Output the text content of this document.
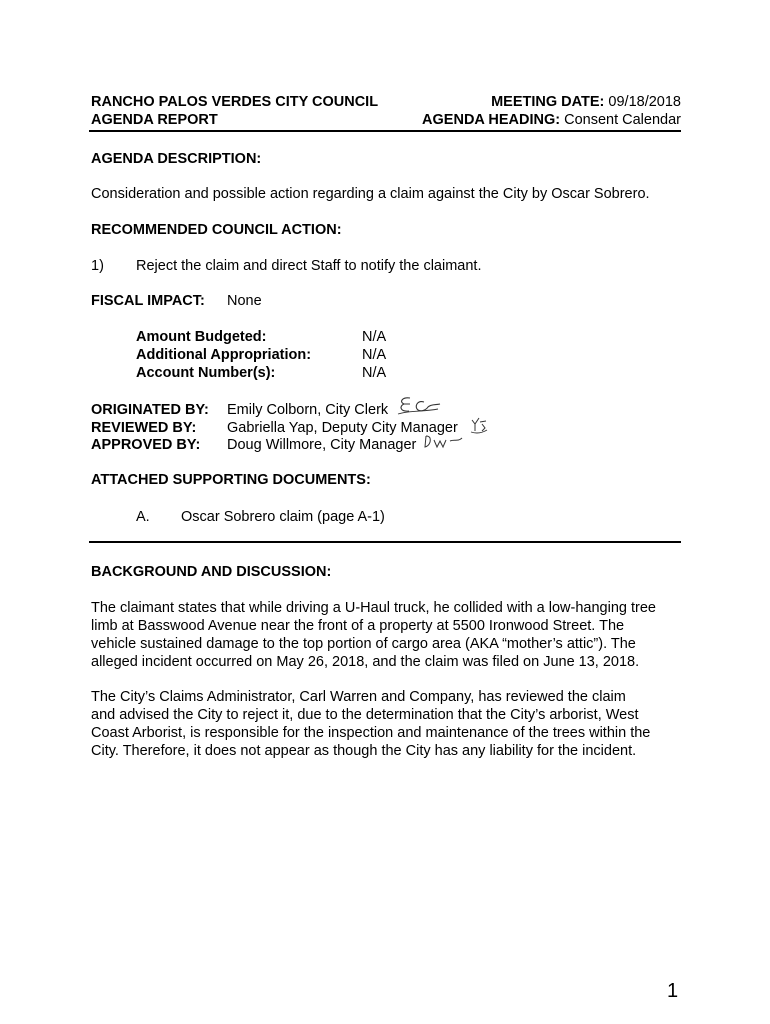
RANCHO PALOS VERDES CITY COUNCIL	MEETING DATE: 09/18/2018
AGENDA REPORT	AGENDA HEADING: Consent Calendar
AGENDA DESCRIPTION:
Consideration and possible action regarding a claim against the City by Oscar Sobrero.
RECOMMENDED COUNCIL ACTION:
1) Reject the claim and direct Staff to notify the claimant.
FISCAL IMPACT: None
Amount Budgeted:	N/A
Additional Appropriation:	N/A
Account Number(s):	N/A
ORIGINATED BY: Emily Colborn, City Clerk
REVIEWED BY: Gabriella Yap, Deputy City Manager
APPROVED BY: Doug Willmore, City Manager
ATTACHED SUPPORTING DOCUMENTS:
A. Oscar Sobrero claim (page A-1)
BACKGROUND AND DISCUSSION:
The claimant states that while driving a U-Haul truck, he collided with a low-hanging tree
limb at Basswood Avenue near the front of a property at 5500 Ironwood Street. The
vehicle sustained damage to the top portion of cargo area (AKA “mother’s attic”). The
alleged incident occurred on May 26, 2018, and the claim was filed on June 13, 2018.
The City’s Claims Administrator, Carl Warren and Company, has reviewed the claim
and advised the City to reject it, due to the determination that the City’s arborist, West
Coast Arborist, is responsible for the inspection and maintenance of the trees within the
City. Therefore, it does not appear as though the City has any liability for the incident.
1
